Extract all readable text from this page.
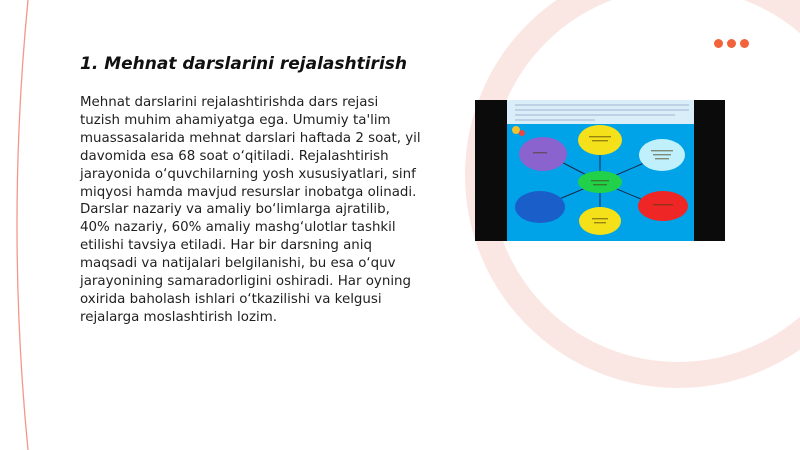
1. Mehnat darslarini rejalashtirish

Mehnat darslarini rejalashtirishda dars rejasi tuzish muhim ahamiyatga ega. Umumiy ta'lim muassasalarida mehnat darslari haftada 2 soat, yil davomida esa 68 soat o‘qitiladi. Rejalashtirish jarayonida o‘quvchilarning yosh xususiyatlari, sinf miqyosi hamda mavjud resurslar inobatga olinadi. Darslar nazariy va amaliy bo‘limlarga ajratilib, 40% nazariy, 60% amaliy mashg‘ulotlar tashkil etilishi tavsiya etiladi. Har bir darsning aniq maqsadi va natijalari belgilanishi, bu esa o‘quv jarayonining samaradorligini oshiradi. Har oyning oxirida baholash ishlari o‘tkazilishi va kelgusi rejalarga moslashtirish lozim.
